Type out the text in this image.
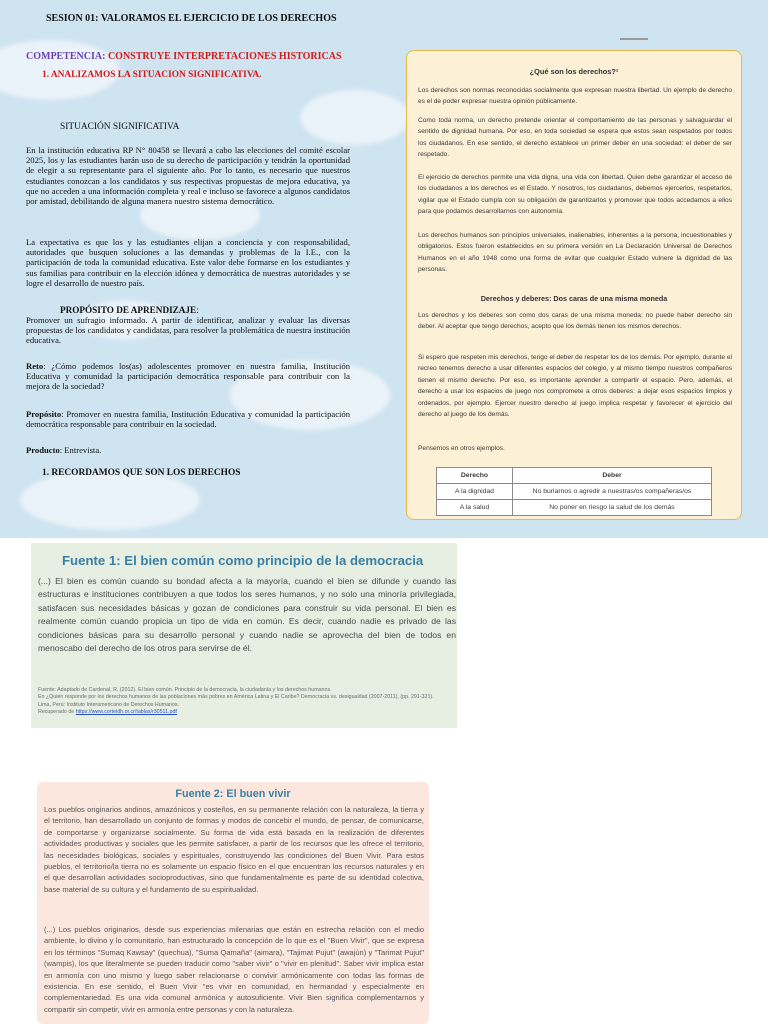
SESION 01: VALORAMOS EL EJERCICIO DE LOS DERECHOS
COMPETENCIA: CONSTRUYE INTERPRETACIONES HISTORICAS
1. ANALIZAMOS LA SITUACION SIGNIFICATIVA.
SITUACIÓN SIGNIFICATIVA

En la institución educativa RP N° 80458 se llevará a cabo las elecciones del comité escolar 2025, los y las estudiantes harán uso de su derecho de participación y tendrán la oportunidad de elegir a su representante para el siguiente año. Por lo tanto, es necesario que nuestros estudiantes conozcan a los candidatos y sus respectivas propuestas de mejora educativa, ya que no acceden a una información completa y real e incluso se favorece a algunos candidatos por amistad, debilitando de alguna manera nuestro sistema democrático.

La expectativa es que los y las estudiantes elijan a conciencia y con responsabilidad, autoridades que busquen soluciones a las demandas y problemas de la I.E., con la participación de toda la comunidad educativa. Este valor debe formarse en los estudiantes y sus familias para contribuir en la elección idónea y democrática de nuestras autoridades y se logre el desarrollo de nuestro país.

PROPÓSITO DE APRENDIZAJE:

Promover un sufragio informado. A partir de identificar, analizar y evaluar las diversas propuestas de los candidatos y candidatas, para resolver la problemática de nuestra institución educativa.

Reto: ¿Cómo podemos los(as) adolescentes promover en nuestra familia, Institución Educativa y comunidad la participación democrática responsable para contribuir con la mejora de la sociedad?

Propósito: Promover en nuestra familia, Institución Educativa y comunidad la participación democrática responsable para contribuir en la sociedad.

Producto: Entrevista.

1. RECORDAMOS QUE SON LOS DERECHOS
¿Qué son los derechos?¹

Los derechos son normas reconocidas socialmente que expresan nuestra libertad. Un ejemplo de derecho es el de poder expresar nuestra opinión públicamente.

Como toda norma, un derecho pretende orientar el comportamiento de las personas y salvaguardar el sentido de dignidad humana. Por eso, en toda sociedad se espera que estos sean respetados por todos los ciudadanos. En ese sentido, el derecho establece un primer deber en una sociedad: el deber de ser respetado.

El ejercicio de derechos permite una vida digna, una vida con libertad. Quien debe garantizar el acceso de los ciudadanos a los derechos es el Estado. Y nosotros, los ciudadanos, debemos ejercerlos, respetarlos, vigilar que el Estado cumpla con su obligación de garantizarlos y promover que todos accedamos a ellos para que podamos desarrollarnos con autonomía.

Los derechos humanos son principios universales, inalienables, inherentes a la persona, incuestionables y obligatorios. Estos fueron establecidos en su primera versión en La Declaración Universal de Derechos Humanos en el año 1948 como una forma de evitar que cualquier Estado vulnere la dignidad de las personas.

Derechos y deberes: Dos caras de una misma moneda

Los derechos y los deberes son como dos caras de una misma moneda: no puede haber derecho sin deber. Al aceptar que tengo derechos, acepto que los demás tienen los mismos derechos.

Si espero que respeten mis derechos, tengo el deber de respetar los de los demás. Por ejemplo, durante el recreo tenemos derecho a usar diferentes espacios del colegio, y al mismo tiempo nuestros compañeros tienen el mismo derecho. Por eso, es importante aprender a compartir el espacio. Pero, además, el derecho a usar los espacios de juego nos compromete a otros deberes: a dejar esos espacios limpios y ordenados, por ejemplo. Ejercer nuestro derecho al juego implica respetar y favorecer el ejercicio del derecho al juego de los demás.

Pensemos en otros ejemplos.

Derecho	Deber
A la dignidad	No burlarnos o agredir a nuestras/os compañeras/os
A la salud	No poner en riesgo la salud de los demás
Fuente 1: El bien común como principio de la democracia

(...) El bien es común cuando su bondad afecta a la mayoría, cuando el bien se difunde y cuando las estructuras e instituciones contribuyen a que todos los seres humanos, y no solo una minoría privilegiada, satisfacen sus necesidades básicas y gozan de condiciones para construir su vida personal. El bien es realmente común cuando propicia un tipo de vida en común. Es decir, cuando nadie es privado de las condiciones básicas para su desarrollo personal y cuando nadie se aprovecha del bien de todos en menoscabo del derecho de los otros para servirse de él.

Fuente: Adaptado de Cardenal, R. (2012). El bien común. Principio de la democracia, la ciudadanía y los derechos humanos.
En ¿Quién responde por los derechos humanos de las poblaciones más pobres en América Latina y El Caribe? Democracia vs. desigualdad (2007-2011), (pp. 291-321). Lima, Perú: Instituto Interamericano de Derechos Humanos.
Recuperado de https://www.corteidh.or.cr/tablas/r30511.pdf

Fuente 2: El buen vivir

Los pueblos originarios andinos, amazónicos y costeños, en su permanente relación con la naturaleza, la tierra y el territorio, han desarrollado un conjunto de formas y modos de concebir el mundo, de pensar, de comunicarse, de comportarse y organizarse socialmente. Su forma de vida está basada en la realización de diferentes actividades productivas y sociales que les permite satisfacer, a partir de los recursos que les ofrece el territorio, las necesidades biológicas, sociales y espirituales, construyendo las condiciones del Buen Vivir. Para estos pueblos, el territorio/la tierra no es solamente un espacio físico en el que encuentran los recursos naturales y en el que desarrollan actividades socioproductivas, sino que fundamentalmente es parte de su identidad colectiva, base material de su cultura y el fundamento de su espiritualidad.

(...) Los pueblos originarios, desde sus experiencias milenarias que están en estrecha relación con el medio ambiente, lo divino y lo comunitario, han estructurado la concepción de lo que es el "Buen Vivir", que se expresa en los términos "Sumaq Kawsay" (quechua), "Suma Qamaña" (aimara), "Tajimat Pujut" (awajún) y "Tarimat Pujut" (wampis), los que literalmente se pueden traducir como "saber vivir" o "vivir en plenitud". Saber vivir implica estar en armonía con uno mismo y luego saber relacionarse o convivir armónicamente con todas las formas de existencia. En ese sentido, el Buen Vivir "es vivir en comunidad, en hermandad y especialmente en complementariedad. Es una vida comunal armónica y autosuficiente. Vivir Bien significa complementarnos y compartir sin competir, vivir en armonía entre personas y con la naturaleza.
